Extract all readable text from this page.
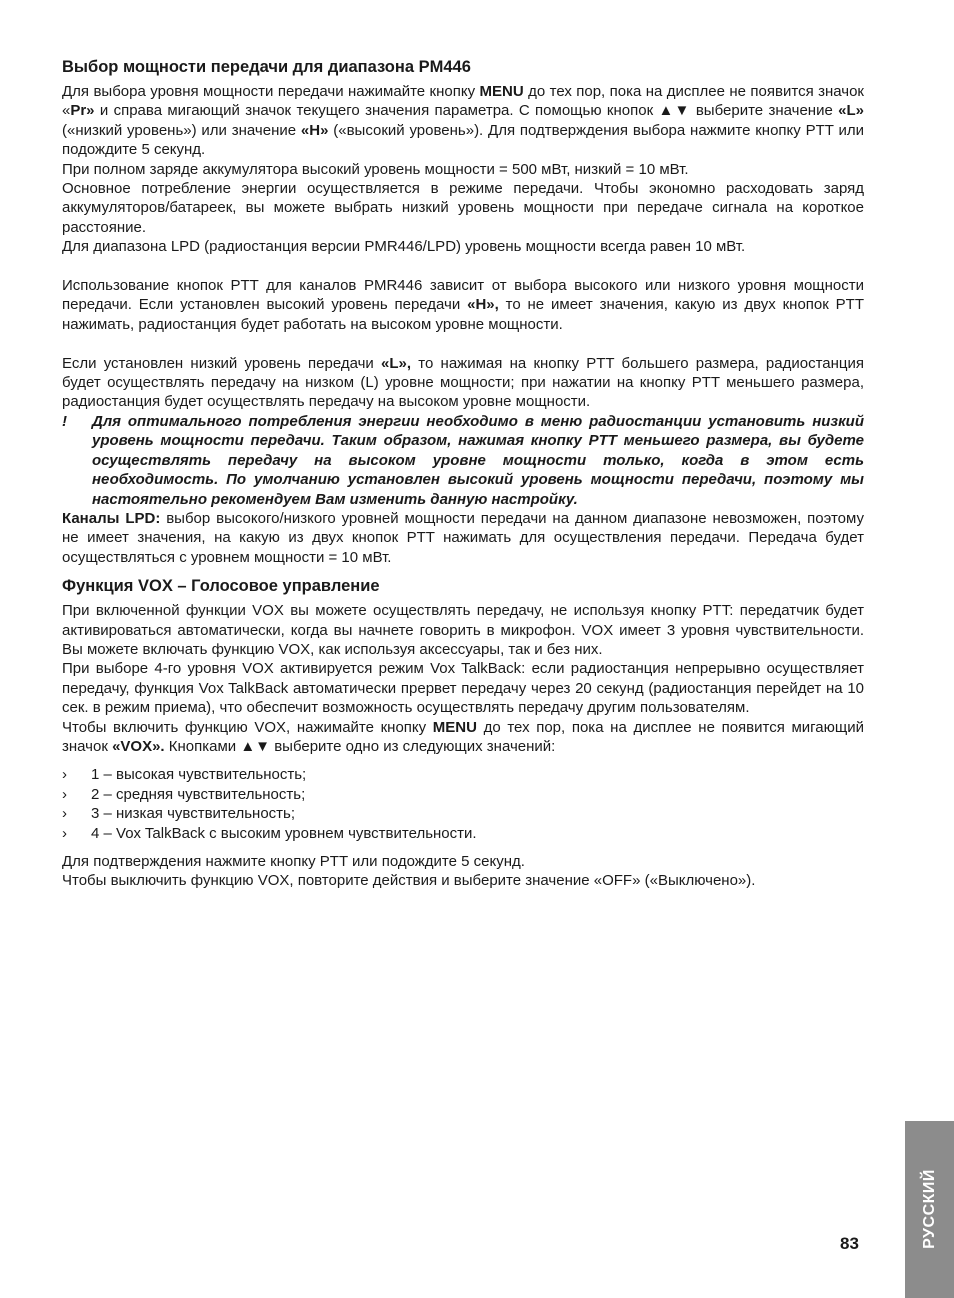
Выбор мощности передачи для диапазона PM446

Для выбора уровня мощности передачи нажимайте кнопку MENU до тех пор, пока на дисплее не появится значок «Pr» и справа мигающий значок текущего значения параметра. С помощью кнопок ▲▼ выберите значение «L» («низкий уровень») или значение «H» («высокий уровень»). Для подтверждения выбора нажмите кнопку PTT или подождите 5 секунд.

При полном заряде аккумулятора высокий уровень мощности = 500 мВт, низкий = 10 мВт.

Основное потребление энергии осуществляется в режиме передачи. Чтобы экономно расходовать заряд аккумуляторов/батареек, вы можете выбрать низкий уровень мощности при передаче сигнала на короткое расстояние.

Для диапазона LPD (радиостанция версии PMR446/LPD) уровень мощности всегда равен 10 мВт.

Использование кнопок PTT для каналов PMR446 зависит от выбора высокого или низкого уровня мощности передачи. Если установлен высокий уровень передачи «H», то не имеет значения, какую из двух кнопок PTT нажимать, радиостанция будет работать на высоком уровне мощности.

Если установлен низкий уровень передачи «L», то нажимая на кнопку PTT большего размера, радиостанция будет осуществлять передачу на низком (L) уровне мощности; при нажатии на кнопку PTT меньшего размера, радиостанция будет осуществлять передачу на высоком уровне мощности.

!	Для оптимального потребления энергии необходимо в меню радиостанции установить низкий уровень мощности передачи. Таким образом, нажимая кнопку PTT меньшего размера, вы будете осуществлять передачу на высоком уровне мощности только, когда в этом есть необходимость. По умолчанию установлен высокий уровень мощности передачи, поэтому мы настоятельно рекомендуем Вам изменить данную настройку.

Каналы LPD: выбор высокого/низкого уровней мощности передачи на данном диапазоне невозможен, поэтому не имеет значения, на какую из двух кнопок PTT нажимать для осуществления передачи. Передача будет осуществляться с уровнем мощности = 10 мВт.

Функция VOX – Голосовое управление

При включенной функции VOX вы можете осуществлять передачу, не используя кнопку PTT: передатчик будет активироваться автоматически, когда вы начнете говорить в микрофон. VOX имеет 3 уровня чувствительности. Вы можете включать функцию VOX, как используя аксессуары, так и без них.

При выборе 4-го уровня VOX активируется режим Vox TalkBack: если радиостанция непрерывно осуществляет передачу, функция Vox TalkBack автоматически прервет передачу через 20 секунд (радиостанция перейдет на 10 сек. в режим приема), что обеспечит возможность осуществлять передачу другим пользователям.

Чтобы включить функцию VOX, нажимайте кнопку MENU до тех пор, пока на дисплее не появится мигающий значок «VOX». Кнопками ▲▼ выберите одно из следующих значений:

›	1 – высокая чувствительность;
›	2 – средняя чувствительность;
›	3 – низкая чувствительность;
›	4 – Vox TalkBack с высоким уровнем чувствительности.

Для подтверждения нажмите кнопку PTT или подождите 5 секунд.

Чтобы выключить функцию VOX, повторите действия и выберите значение «OFF» («Выключено»).

83	РУССКИЙ
